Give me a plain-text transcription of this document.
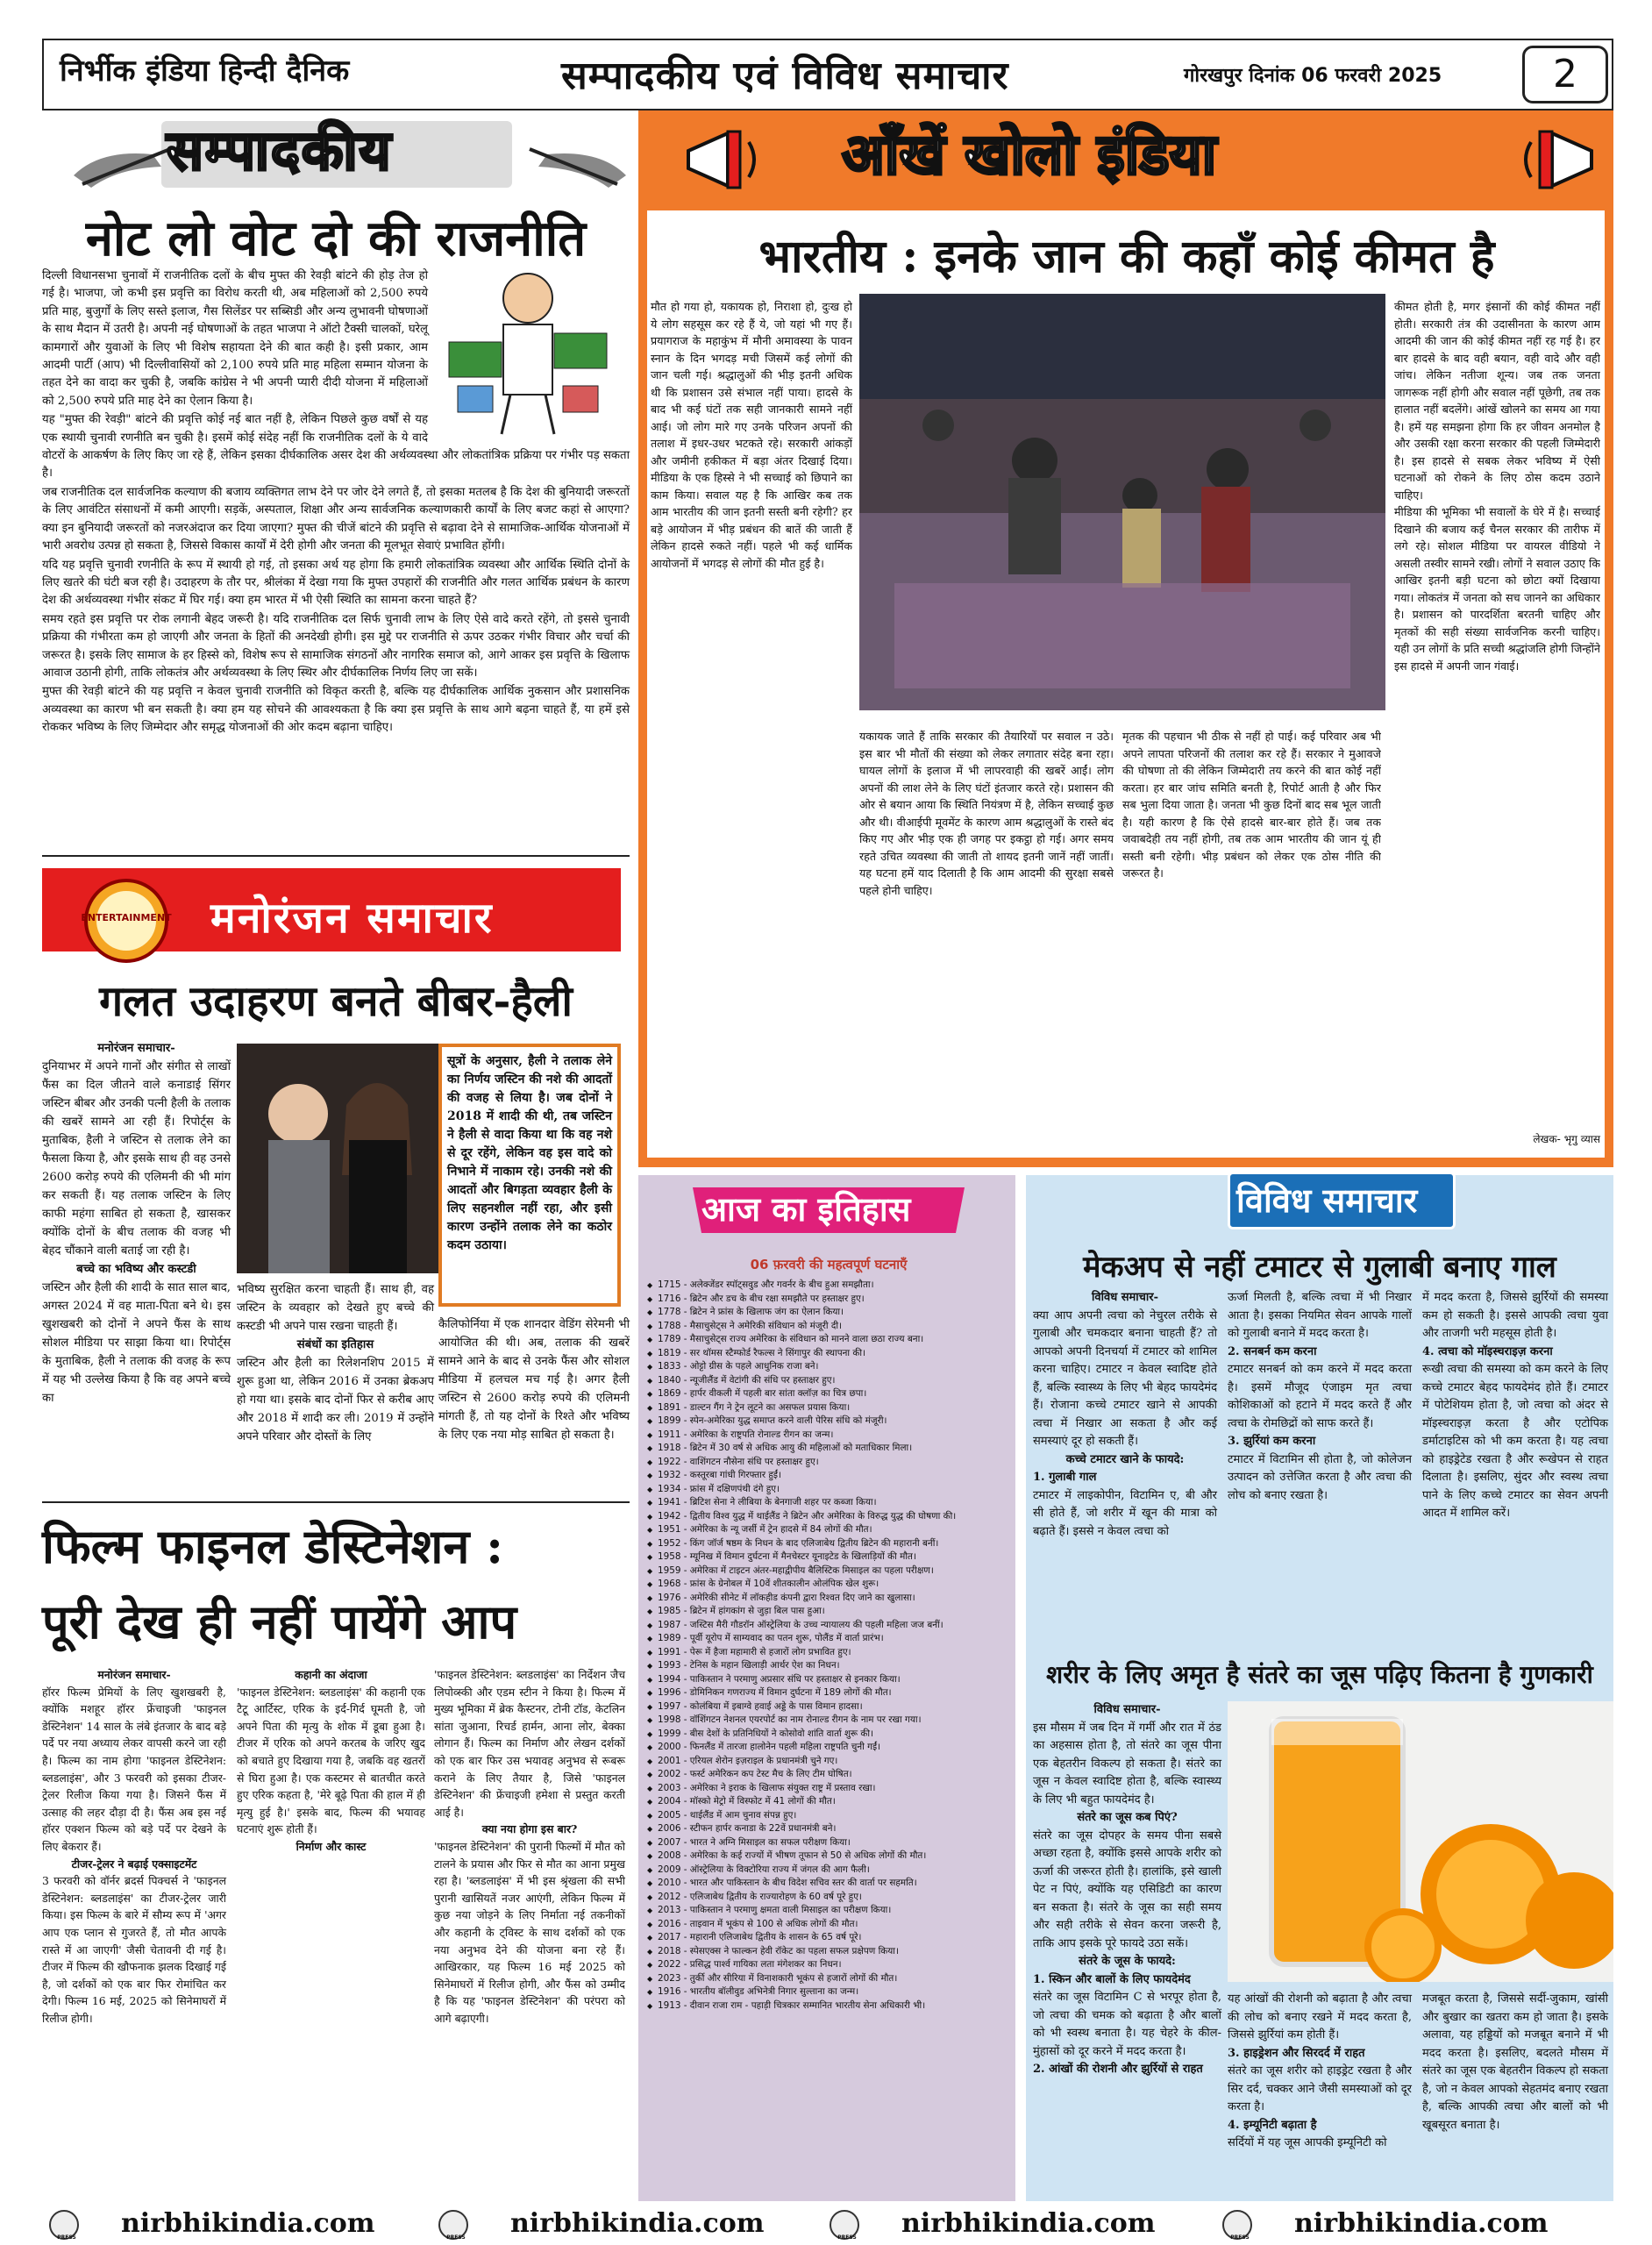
निर्भीक इंडिया हिन्दी दैनिक	सम्पादकीय एवं विविध समाचार	गोरखपुर दिनांक 06 फरवरी 2025	2
सम्पादकीय
नोट लो वोट दो की राजनीति

दिल्ली विधानसभा चुनावों में राजनीतिक दलों के बीच मुफ्त की रेवड़ी बांटने की होड़ तेज हो गई है। भाजपा, जो कभी इस प्रवृत्ति का विरोध करती थी, अब महिलाओं को 2,500 रुपये प्रति माह, बुजुर्गों के लिए सस्ते इलाज, गैस सिलेंडर पर सब्सिडी और अन्य लुभावनी घोषणाओं के साथ मैदान में उतरी है। अपनी नई घोषणाओं के तहत भाजपा ने ऑटो टैक्सी चालकों, घरेलू कामगारों और युवाओं के लिए भी विशेष सहायता देने की बात कही है। इसी प्रकार, आम आदमी पार्टी (आप) भी दिल्लीवासियों को 2,100 रुपये प्रति माह महिला सम्मान योजना के तहत देने का वादा कर चुकी है, जबकि कांग्रेस ने भी अपनी प्यारी दीदी योजना में महिलाओं को 2,500 रुपये प्रति माह देने का ऐलान किया है।

यह "मुफ्त की रेवड़ी" बांटने की प्रवृत्ति कोई नई बात नहीं है, लेकिन पिछले कुछ वर्षों से यह एक स्थायी चुनावी रणनीति बन चुकी है। इसमें कोई संदेह नहीं कि राजनीतिक दलों के ये वादे वोटरों के आकर्षण के लिए किए जा रहे हैं, लेकिन इसका दीर्घकालिक असर देश की अर्थव्यवस्था और लोकतांत्रिक प्रक्रिया पर गंभीर पड़ सकता है।

जब राजनीतिक दल सार्वजनिक कल्याण की बजाय व्यक्तिगत लाभ देने पर जोर देने लगते हैं, तो इसका मतलब है कि देश की बुनियादी जरूरतों के लिए आवंटित संसाधनों में कमी आएगी। सड़कें, अस्पताल, शिक्षा और अन्य सार्वजनिक कल्याणकारी कार्यों के लिए बजट कहां से आएगा? क्या इन बुनियादी जरूरतों को नजरअंदाज कर दिया जाएगा? मुफ्त की चीजें बांटने की प्रवृत्ति से बढ़ावा देने से सामाजिक-आर्थिक योजनाओं में भारी अवरोध उत्पन्न हो सकता है, जिससे विकास कार्यों में देरी होगी और जनता की मूलभूत सेवाएं प्रभावित होंगी।

यदि यह प्रवृत्ति चुनावी रणनीति के रूप में स्थायी हो गई, तो इसका अर्थ यह होगा कि हमारी लोकतांत्रिक व्यवस्था और आर्थिक स्थिति दोनों के लिए खतरे की घंटी बज रही है। उदाहरण के तौर पर, श्रीलंका में देखा गया कि मुफ्त उपहारों की राजनीति और गलत आर्थिक प्रबंधन के कारण देश की अर्थव्यवस्था गंभीर संकट में घिर गई। क्या हम भारत में भी ऐसी स्थिति का सामना करना चाहते हैं?

समय रहते इस प्रवृत्ति पर रोक लगानी बेहद जरूरी है। यदि राजनीतिक दल सिर्फ चुनावी लाभ के लिए ऐसे वादे करते रहेंगे, तो इससे चुनावी प्रक्रिया की गंभीरता कम हो जाएगी और जनता के हितों की अनदेखी होगी। इस मुद्दे पर राजनीति से ऊपर उठकर गंभीर विचार और चर्चा की जरूरत है। इसके लिए सामाज के हर हिस्से को, विशेष रूप से सामाजिक संगठनों और नागरिक समाज को, आगे आकर इस प्रवृत्ति के खिलाफ आवाज उठानी होगी, ताकि लोकतंत्र और अर्थव्यवस्था के लिए स्थिर और दीर्घकालिक निर्णय लिए जा सकें।

मुफ्त की रेवड़ी बांटने की यह प्रवृत्ति न केवल चुनावी राजनीति को विकृत करती है, बल्कि यह दीर्घकालिक आर्थिक नुकसान और प्रशासनिक अव्यवस्था का कारण भी बन सकती है। क्या हम यह सोचने की आवश्यकता है कि क्या इस प्रवृत्ति के साथ आगे बढ़ना चाहते हैं, या हमें इसे रोककर भविष्य के लिए जिम्मेदार और समृद्ध योजनाओं की ओर कदम बढ़ाना चाहिए।

ENTERTAINMENT मनोरंजन समाचार
गलत उदाहरण बनते बीबर-हैली
मनोरंजन समाचार-
दुनियाभर में अपने गानों और संगीत से लाखों फैंस का दिल जीतने वाले कनाडाई सिंगर जस्टिन बीबर और उनकी पत्नी हैली के तलाक की खबरें सामने आ रही हैं। रिपोर्ट्स के मुताबिक, हैली ने जस्टिन से तलाक लेने का फैसला किया है, और इसके साथ ही वह उनसे 2600 करोड़ रुपये की एलिमनी की भी मांग कर सकती हैं। यह तलाक जस्टिन के लिए काफी महंगा साबित हो सकता है, खासकर क्योंकि दोनों के बीच तलाक की वजह भी बेहद चौंकाने वाली बताई जा रही है।
बच्चे का भविष्य और कस्टडी
जस्टिन और हैली की शादी के सात साल बाद, अगस्त 2024 में वह माता-पिता बने थे। इस खुशखबरी को दोनों ने अपने फैंस के साथ सोशल मीडिया पर साझा किया था। रिपोर्ट्स के मुताबिक, हैली ने तलाक की वजह के रूप में यह भी उल्लेख किया है कि वह अपने बच्चे का
सूत्रों के अनुसार, हैली ने तलाक लेने का निर्णय जस्टिन की नशे की आदतों की वजह से लिया है। जब दोनों ने 2018 में शादी की थी, तब जस्टिन ने हैली से वादा किया था कि वह नशे से दूर रहेंगे, लेकिन वह इस वादे को निभाने में नाकाम रहे। उनकी नशे की आदतों और बिगड़ता व्यवहार हैली के लिए सहनशील नहीं रहा, और इसी कारण उन्होंने तलाक लेने का कठोर कदम उठाया।
भविष्य सुरक्षित करना चाहती हैं। साथ ही, वह जस्टिन के व्यवहार को देखते हुए बच्चे की कस्टडी भी अपने पास रखना चाहती हैं।
संबंधों का इतिहास
जस्टिन और हैली का रिलेशनशिप 2015 में शुरू हुआ था, लेकिन 2016 में उनका ब्रेकअप हो गया था। इसके बाद दोनों फिर से करीब आए और 2018 में शादी कर ली। 2019 में उन्होंने अपने परिवार और दोस्तों के लिए
कैलिफोर्निया में एक शानदार वेडिंग सेरेमनी भी आयोजित की थी। अब, तलाक की खबरें सामने आने के बाद से उनके फैंस और सोशल मीडिया में हलचल मच गई है। अगर हैली जस्टिन से 2600 करोड़ रुपये की एलिमनी मांगती हैं, तो यह दोनों के रिश्ते और भविष्य के लिए एक नया मोड़ साबित हो सकता है।
फिल्म फाइनल डेस्टिनेशन :
पूरी देख ही नहीं पायेंगे आप
मनोरंजन समाचार-
हॉरर फिल्म प्रेमियों के लिए खुशखबरी है, क्योंकि मशहूर हॉरर फ्रेंचाइजी 'फाइनल डेस्टिनेशन' 14 साल के लंबे इंतजार के बाद बड़े पर्दे पर नया अध्याय लेकर वापसी करने जा रही है। फिल्म का नाम होगा 'फाइनल डेस्टिनेशन: ब्लडलाइंस', और 3 फरवरी को इसका टीजर-ट्रेलर रिलीज किया गया है। जिसने फैंस में उत्साह की लहर दौड़ा दी है। फैंस अब इस नई हॉरर एक्शन फिल्म को बड़े पर्दे पर देखने के लिए बेकरार हैं।
टीजर-ट्रेलर ने बढ़ाई एक्साइटमेंट
3 फरवरी को वॉर्नर ब्रदर्स पिक्चर्स ने 'फाइनल डेस्टिनेशन: ब्लडलाइंस' का टीजर-ट्रेलर जारी किया। इस फिल्म के बारे में सौम्य रूप में 'अगर आप एक प्लान से गुजरते हैं, तो मौत आपके रास्ते में आ जाएगी' जैसी चेतावनी दी गई है। टीजर में फिल्म की खौफनाक झलक दिखाई गई है, जो दर्शकों को एक बार फिर रोमांचित कर देगी। फिल्म 16 मई, 2025 को सिनेमाघरों में रिलीज होगी।
कहानी का अंदाजा
'फाइनल डेस्टिनेशन: ब्लडलाइंस' की कहानी एक टैटू आर्टिस्ट, एरिक के इर्द-गिर्द घूमती है, जो अपने पिता की मृत्यु के शोक में डूबा हुआ है। टीजर में एरिक को अपने करतब के जरिए खुद को बचाते हुए दिखाया गया है, जबकि वह खतरों से घिरा हुआ है। एक कस्टमर से बातचीत करते हुए एरिक कहता है, 'मेरे बूढ़े पिता की हाल में ही मृत्यु हुई है।' इसके बाद, फिल्म की भयावह घटनाएं शुरू होती हैं।
निर्माण और कास्ट
'फाइनल डेस्टिनेशन: ब्लडलाइंस' का निर्देशन जैच लिपोव्स्की और एडम स्टीन ने किया है। फिल्म में मुख्य भूमिका में ब्रेक कैस्टनर, टोनी टॉड, केटलिन सांता जुआना, रिचर्ड हार्मन, आना लोर, बेक्का लोगान हैं। फिल्म का निर्माण और लेखन दर्शकों को एक बार फिर उस भयावह अनुभव से रूबरू कराने के लिए तैयार है, जिसे 'फाइनल डेस्टिनेशन' की फ्रेंचाइजी हमेशा से प्रस्तुत करती आई है।
क्या नया होगा इस बार?
'फाइनल डेस्टिनेशन' की पुरानी फिल्मों में मौत को टालने के प्रयास और फिर से मौत का आना प्रमुख रहा है। 'ब्लडलाइंस' में भी इस श्रृंखला की सभी पुरानी खासियतें नजर आएंगी, लेकिन फिल्म में कुछ नया जोड़ने के लिए निर्माता नई तकनीकों और कहानी के ट्विस्ट के साथ दर्शकों को एक नया अनुभव देने की योजना बना रहे हैं। आखिरकार, यह फिल्म 16 मई 2025 को सिनेमाघरों में रिलीज होगी, और फैंस को उम्मीद है कि यह 'फाइनल डेस्टिनेशन' की परंपरा को आगे बढ़ाएगी।
आँखें खोलो इंडिया
भारतीय : इनके जान की कहाँ कोई कीमत है
मौत हो गया हो, यकायक हो, निराशा हो, दुःख हो ये लोग सहसूस कर रहे हैं ये, जो यहां भी गए हैं। प्रयागराज के महाकुंभ में मौनी अमावस्या के पावन स्नान के दिन भगदड़ मची जिसमें कई लोगों की जान चली गई। श्रद्धालुओं की भीड़ इतनी अधिक थी कि प्रशासन उसे संभाल नहीं पाया। हादसे के बाद भी कई घंटों तक सही जानकारी सामने नहीं आई। जो लोग मारे गए उनके परिजन अपनों की तलाश में इधर-उधर भटकते रहे। सरकारी आंकड़ों और जमीनी हकीकत में बड़ा अंतर दिखाई दिया। मीडिया के एक हिस्से ने भी सच्चाई को छिपाने का काम किया। सवाल यह है कि आखिर कब तक आम भारतीय की जान इतनी सस्ती बनी रहेगी? हर बड़े आयोजन में भीड़ प्रबंधन की बातें की जाती हैं लेकिन हादसे रुकते नहीं। पहले भी कई धार्मिक आयोजनों में भगदड़ से लोगों की मौत हुई है।
यकायक जाते हैं ताकि सरकार की तैयारियों पर सवाल न उठे। इस बार भी मौतों की संख्या को लेकर लगातार संदेह बना रहा। घायल लोगों के इलाज में भी लापरवाही की खबरें आईं। लोग अपनों की लाश लेने के लिए घंटों इंतजार करते रहे। प्रशासन की ओर से बयान आया कि स्थिति नियंत्रण में है, लेकिन सच्चाई कुछ और थी। वीआईपी मूवमेंट के कारण आम श्रद्धालुओं के रास्ते बंद किए गए और भीड़ एक ही जगह पर इकट्ठा हो गई। अगर समय रहते उचित व्यवस्था की जाती तो शायद इतनी जानें नहीं जातीं। यह घटना हमें याद दिलाती है कि आम आदमी की सुरक्षा सबसे पहले होनी चाहिए।
मृतक की पहचान भी ठीक से नहीं हो पाई। कई परिवार अब भी अपने लापता परिजनों की तलाश कर रहे हैं। सरकार ने मुआवजे की घोषणा तो की लेकिन जिम्मेदारी तय करने की बात कोई नहीं करता। हर बार जांच समिति बनती है, रिपोर्ट आती है और फिर सब भुला दिया जाता है। जनता भी कुछ दिनों बाद सब भूल जाती है। यही कारण है कि ऐसे हादसे बार-बार होते हैं। जब तक जवाबदेही तय नहीं होगी, तब तक आम भारतीय की जान यूं ही सस्ती बनी रहेगी। भीड़ प्रबंधन को लेकर एक ठोस नीति की जरूरत है।
कीमत होती है, मगर इंसानों की कोई कीमत नहीं होती। सरकारी तंत्र की उदासीनता के कारण आम आदमी की जान की कोई कीमत नहीं रह गई है। हर बार हादसे के बाद वही बयान, वही वादे और वही जांच। लेकिन नतीजा शून्य। जब तक जनता जागरूक नहीं होगी और सवाल नहीं पूछेगी, तब तक हालात नहीं बदलेंगे। आंखें खोलने का समय आ गया है। हमें यह समझना होगा कि हर जीवन अनमोल है और उसकी रक्षा करना सरकार की पहली जिम्मेदारी है। इस हादसे से सबक लेकर भविष्य में ऐसी घटनाओं को रोकने के लिए ठोस कदम उठाने चाहिए।
मीडिया की भूमिका भी सवालों के घेरे में है। सच्चाई दिखाने की बजाय कई चैनल सरकार की तारीफ में लगे रहे। सोशल मीडिया पर वायरल वीडियो ने असली तस्वीर सामने रखी। लोगों ने सवाल उठाए कि आखिर इतनी बड़ी घटना को छोटा क्यों दिखाया गया। लोकतंत्र में जनता को सच जानने का अधिकार है। प्रशासन को पारदर्शिता बरतनी चाहिए और मृतकों की सही संख्या सार्वजनिक करनी चाहिए। यही उन लोगों के प्रति सच्ची श्रद्धांजलि होगी जिन्होंने इस हादसे में अपनी जान गंवाई।
लेखक- भृगु व्यास
आज का इतिहास
06 फ़रवरी की महत्वपूर्ण घटनाएँ
◆ 1715 - अलेक्जेंडर स्पॉट्सवुड और गवर्नर के बीच हुआ समझौता।
◆ 1716 - ब्रिटेन और डच के बीच रक्षा समझौते पर हस्ताक्षर हुए।
◆ 1778 - ब्रिटेन ने फ्रांस के खिलाफ जंग का ऐलान किया।
◆ 1788 - मैसाचुसेट्स ने अमेरिकी संविधान को मंजूरी दी।
◆ 1789 - मैसाचुसेट्स राज्य अमेरिका के संविधान को मानने वाला छठा राज्य बना।
◆ 1819 - सर थॉमस स्टैम्फोर्ड रैफल्स ने सिंगापुर की स्थापना की।
◆ 1833 - ओट्टो ग्रीस के पहले आधुनिक राजा बने।
◆ 1840 - न्यूजीलैंड में वेटांगी की संधि पर हस्ताक्षर हुए।
◆ 1869 - हार्पर वीकली में पहली बार सांता क्लॉज़ का चित्र छपा।
◆ 1891 - डाल्टन गैंग ने ट्रेन लूटने का असफल प्रयास किया।
◆ 1899 - स्पेन-अमेरिका युद्ध समाप्त करने वाली पेरिस संधि को मंजूरी।
◆ 1911 - अमेरिका के राष्ट्रपति रोनाल्ड रीगन का जन्म।
◆ 1918 - ब्रिटेन में 30 वर्ष से अधिक आयु की महिलाओं को मताधिकार मिला।
◆ 1922 - वाशिंगटन नौसेना संधि पर हस्ताक्षर हुए।
◆ 1932 - कस्तूरबा गांधी गिरफ्तार हुईं।
◆ 1934 - फ्रांस में दक्षिणपंथी दंगे हुए।
◆ 1941 - ब्रिटिश सेना ने लीबिया के बेनगाजी शहर पर कब्जा किया।
◆ 1942 - द्वितीय विश्व युद्ध में थाईलैंड ने ब्रिटेन और अमेरिका के विरुद्ध युद्ध की घोषणा की।
◆ 1951 - अमेरिका के न्यू जर्सी में ट्रेन हादसे में 84 लोगों की मौत।
◆ 1952 - किंग जॉर्ज षष्ठम के निधन के बाद एलिजाबेथ द्वितीय ब्रिटेन की महारानी बनीं।
◆ 1958 - म्यूनिख में विमान दुर्घटना में मैनचेस्टर यूनाइटेड के खिलाड़ियों की मौत।
◆ 1959 - अमेरिका में टाइटन अंतर-महाद्वीपीय बैलिस्टिक मिसाइल का पहला परीक्षण।
◆ 1968 - फ्रांस के ग्रेनोबल में 10वें शीतकालीन ओलंपिक खेल शुरू।
◆ 1976 - अमेरिकी सीनेट में लॉकहीड कंपनी द्वारा रिश्वत दिए जाने का खुलासा।
◆ 1985 - ब्रिटेन में हांगकांग से जुड़ा बिल पास हुआ।
◆ 1987 - जस्टिस मैरी गौडरॉन ऑस्ट्रेलिया के उच्च न्यायालय की पहली महिला जज बनीं।
◆ 1989 - पूर्वी यूरोप में साम्यवाद का पतन शुरू, पोलैंड में वार्ता प्रारंभ।
◆ 1991 - पेरू में हैजा महामारी से हजारों लोग प्रभावित हुए।
◆ 1993 - टेनिस के महान खिलाड़ी आर्थर ऐश का निधन।
◆ 1994 - पाकिस्तान ने परमाणु अप्रसार संधि पर हस्ताक्षर से इनकार किया।
◆ 1996 - डोमिनिकन गणराज्य में विमान दुर्घटना में 189 लोगों की मौत।
◆ 1997 - कोलंबिया में इबाग्वे हवाई अड्डे के पास विमान हादसा।
◆ 1998 - वॉशिंगटन नेशनल एयरपोर्ट का नाम रोनाल्ड रीगन के नाम पर रखा गया।
◆ 1999 - बीस देशों के प्रतिनिधियों ने कोसोवो शांति वार्ता शुरू की।
◆ 2000 - फिनलैंड में तारजा हालोनेन पहली महिला राष्ट्रपति चुनी गईं।
◆ 2001 - एरियल शेरोन इज़राइल के प्रधानमंत्री चुने गए।
◆ 2002 - फर्स्ट अमेरिकन कप टेस्ट मैच के लिए टीम घोषित।
◆ 2003 - अमेरिका ने इराक के खिलाफ संयुक्त राष्ट्र में प्रस्ताव रखा।
◆ 2004 - मॉस्को मेट्रो में विस्फोट में 41 लोगों की मौत।
◆ 2005 - थाईलैंड में आम चुनाव संपन्न हुए।
◆ 2006 - स्टीफन हार्पर कनाडा के 22वें प्रधानमंत्री बने।
◆ 2007 - भारत ने अग्नि मिसाइल का सफल परीक्षण किया।
◆ 2008 - अमेरिका के कई राज्यों में भीषण तूफान से 50 से अधिक लोगों की मौत।
◆ 2009 - ऑस्ट्रेलिया के विक्टोरिया राज्य में जंगल की आग फैली।
◆ 2010 - भारत और पाकिस्तान के बीच विदेश सचिव स्तर की वार्ता पर सहमति।
◆ 2012 - एलिजाबेथ द्वितीय के राज्यारोहण के 60 वर्ष पूरे हुए।
◆ 2013 - पाकिस्तान ने परमाणु क्षमता वाली मिसाइल का परीक्षण किया।
◆ 2016 - ताइवान में भूकंप से 100 से अधिक लोगों की मौत।
◆ 2017 - महारानी एलिजाबेथ द्वितीय के शासन के 65 वर्ष पूरे।
◆ 2018 - स्पेसएक्स ने फाल्कन हेवी रॉकेट का पहला सफल प्रक्षेपण किया।
◆ 2022 - प्रसिद्ध पार्श्व गायिका लता मंगेशकर का निधन।
◆ 2023 - तुर्की और सीरिया में विनाशकारी भूकंप से हजारों लोगों की मौत।
◆ 1916 - भारतीय बॉलीवुड अभिनेत्री निगार सुल्ताना का जन्म।
◆ 1913 - दीवान राजा राम - पहाड़ी चित्रकार सम्मानित भारतीय सेना अधिकारी भी।
विविध समाचार
मेकअप से नहीं टमाटर से गुलाबी बनाए गाल
विविध समाचार-
क्या आप अपनी त्वचा को नेचुरल तरीके से गुलाबी और चमकदार बनाना चाहती हैं? तो आपको अपनी दिनचर्या में टमाटर को शामिल करना चाहिए। टमाटर न केवल स्वादिष्ट होते हैं, बल्कि स्वास्थ्य के लिए भी बेहद फायदेमंद हैं। रोजाना कच्चे टमाटर खाने से आपकी त्वचा में निखार आ सकता है और कई समस्याएं दूर हो सकती हैं।
कच्चे टमाटर खाने के फायदे:
1. गुलाबी गाल
टमाटर में लाइकोपीन, विटामिन ए, बी और सी होते हैं, जो शरीर में खून की मात्रा को बढ़ाते हैं। इससे न केवल त्वचा को
ऊर्जा मिलती है, बल्कि त्वचा में भी निखार आता है। इसका नियमित सेवन आपके गालों को गुलाबी बनाने में मदद करता है।
2. सनबर्न कम करना
टमाटर सनबर्न को कम करने में मदद करता है। इसमें मौजूद एंजाइम मृत त्वचा कोशिकाओं को हटाने में मदद करते हैं और त्वचा के रोमछिद्रों को साफ करते हैं।
3. झुर्रियां कम करना
टमाटर में विटामिन सी होता है, जो कोलेजन उत्पादन को उत्तेजित करता है और त्वचा की लोच को बनाए रखता है।
में मदद करता है, जिससे झुर्रियों की समस्या कम हो सकती है। इससे आपकी त्वचा युवा और ताजगी भरी महसूस होती है।
4. त्वचा को मॉइस्चराइज़ करना
रूखी त्वचा की समस्या को कम करने के लिए कच्चे टमाटर बेहद फायदेमंद होते हैं। टमाटर में पोटेशियम होता है, जो त्वचा को अंदर से मॉइस्चराइज़ करता है और एटोपिक डर्माटाइटिस को भी कम करता है। यह त्वचा को हाइड्रेटेड रखता है और रूखेपन से राहत दिलाता है। इसलिए, सुंदर और स्वस्थ त्वचा पाने के लिए कच्चे टमाटर का सेवन अपनी आदत में शामिल करें।
शरीर के लिए अमृत है संतरे का जूस पढ़िए कितना है गुणकारी
विविध समाचार-
इस मौसम में जब दिन में गर्मी और रात में ठंड का अहसास होता है, तो संतरे का जूस पीना एक बेहतरीन विकल्प हो सकता है। संतरे का जूस न केवल स्वादिष्ट होता है, बल्कि स्वास्थ्य के लिए भी बहुत फायदेमंद है।
संतरे का जूस कब पिएं?
संतरे का जूस दोपहर के समय पीना सबसे अच्छा रहता है, क्योंकि इससे आपके शरीर को ऊर्जा की जरूरत होती है। हालांकि, इसे खाली पेट न पिएं, क्योंकि यह एसिडिटी का कारण बन सकता है। संतरे के जूस का सही समय और सही तरीके से सेवन करना जरूरी है, ताकि आप इसके पूरे फायदे उठा सकें।
संतरे के जूस के फायदे:
1. स्किन और बालों के लिए फायदेमंद
संतरे का जूस विटामिन C से भरपूर होता है, जो त्वचा की चमक को बढ़ाता है और बालों को भी स्वस्थ बनाता है। यह चेहरे के कील-मुंहासों को दूर करने में मदद करता है।
2. आंखों की रोशनी और झुर्रियों से राहत
यह आंखों की रोशनी को बढ़ाता है और त्वचा की लोच को बनाए रखने में मदद करता है, जिससे झुर्रियां कम होती हैं।
3. हाइड्रेशन और सिरदर्द में राहत
संतरे का जूस शरीर को हाइड्रेट रखता है और सिर दर्द, चक्कर आने जैसी समस्याओं को दूर करता है।
4. इम्यूनिटी बढ़ाता है
सर्दियों में यह जूस आपकी इम्यूनिटी को
मजबूत करता है, जिससे सर्दी-जुकाम, खांसी और बुखार का खतरा कम हो जाता है। इसके अलावा, यह हड्डियों को मजबूत बनाने में भी मदद करता है। इसलिए, बदलते मौसम में संतरे का जूस एक बेहतरीन विकल्प हो सकता है, जो न केवल आपको सेहतमंद बनाए रखता है, बल्कि आपकी त्वचा और बालों को भी खूबसूरत बनाता है।
PRESS	nirbhikindia.com	PRESS	nirbhikindia.com	PRESS	nirbhikindia.com	PRESS	nirbhikindia.com
